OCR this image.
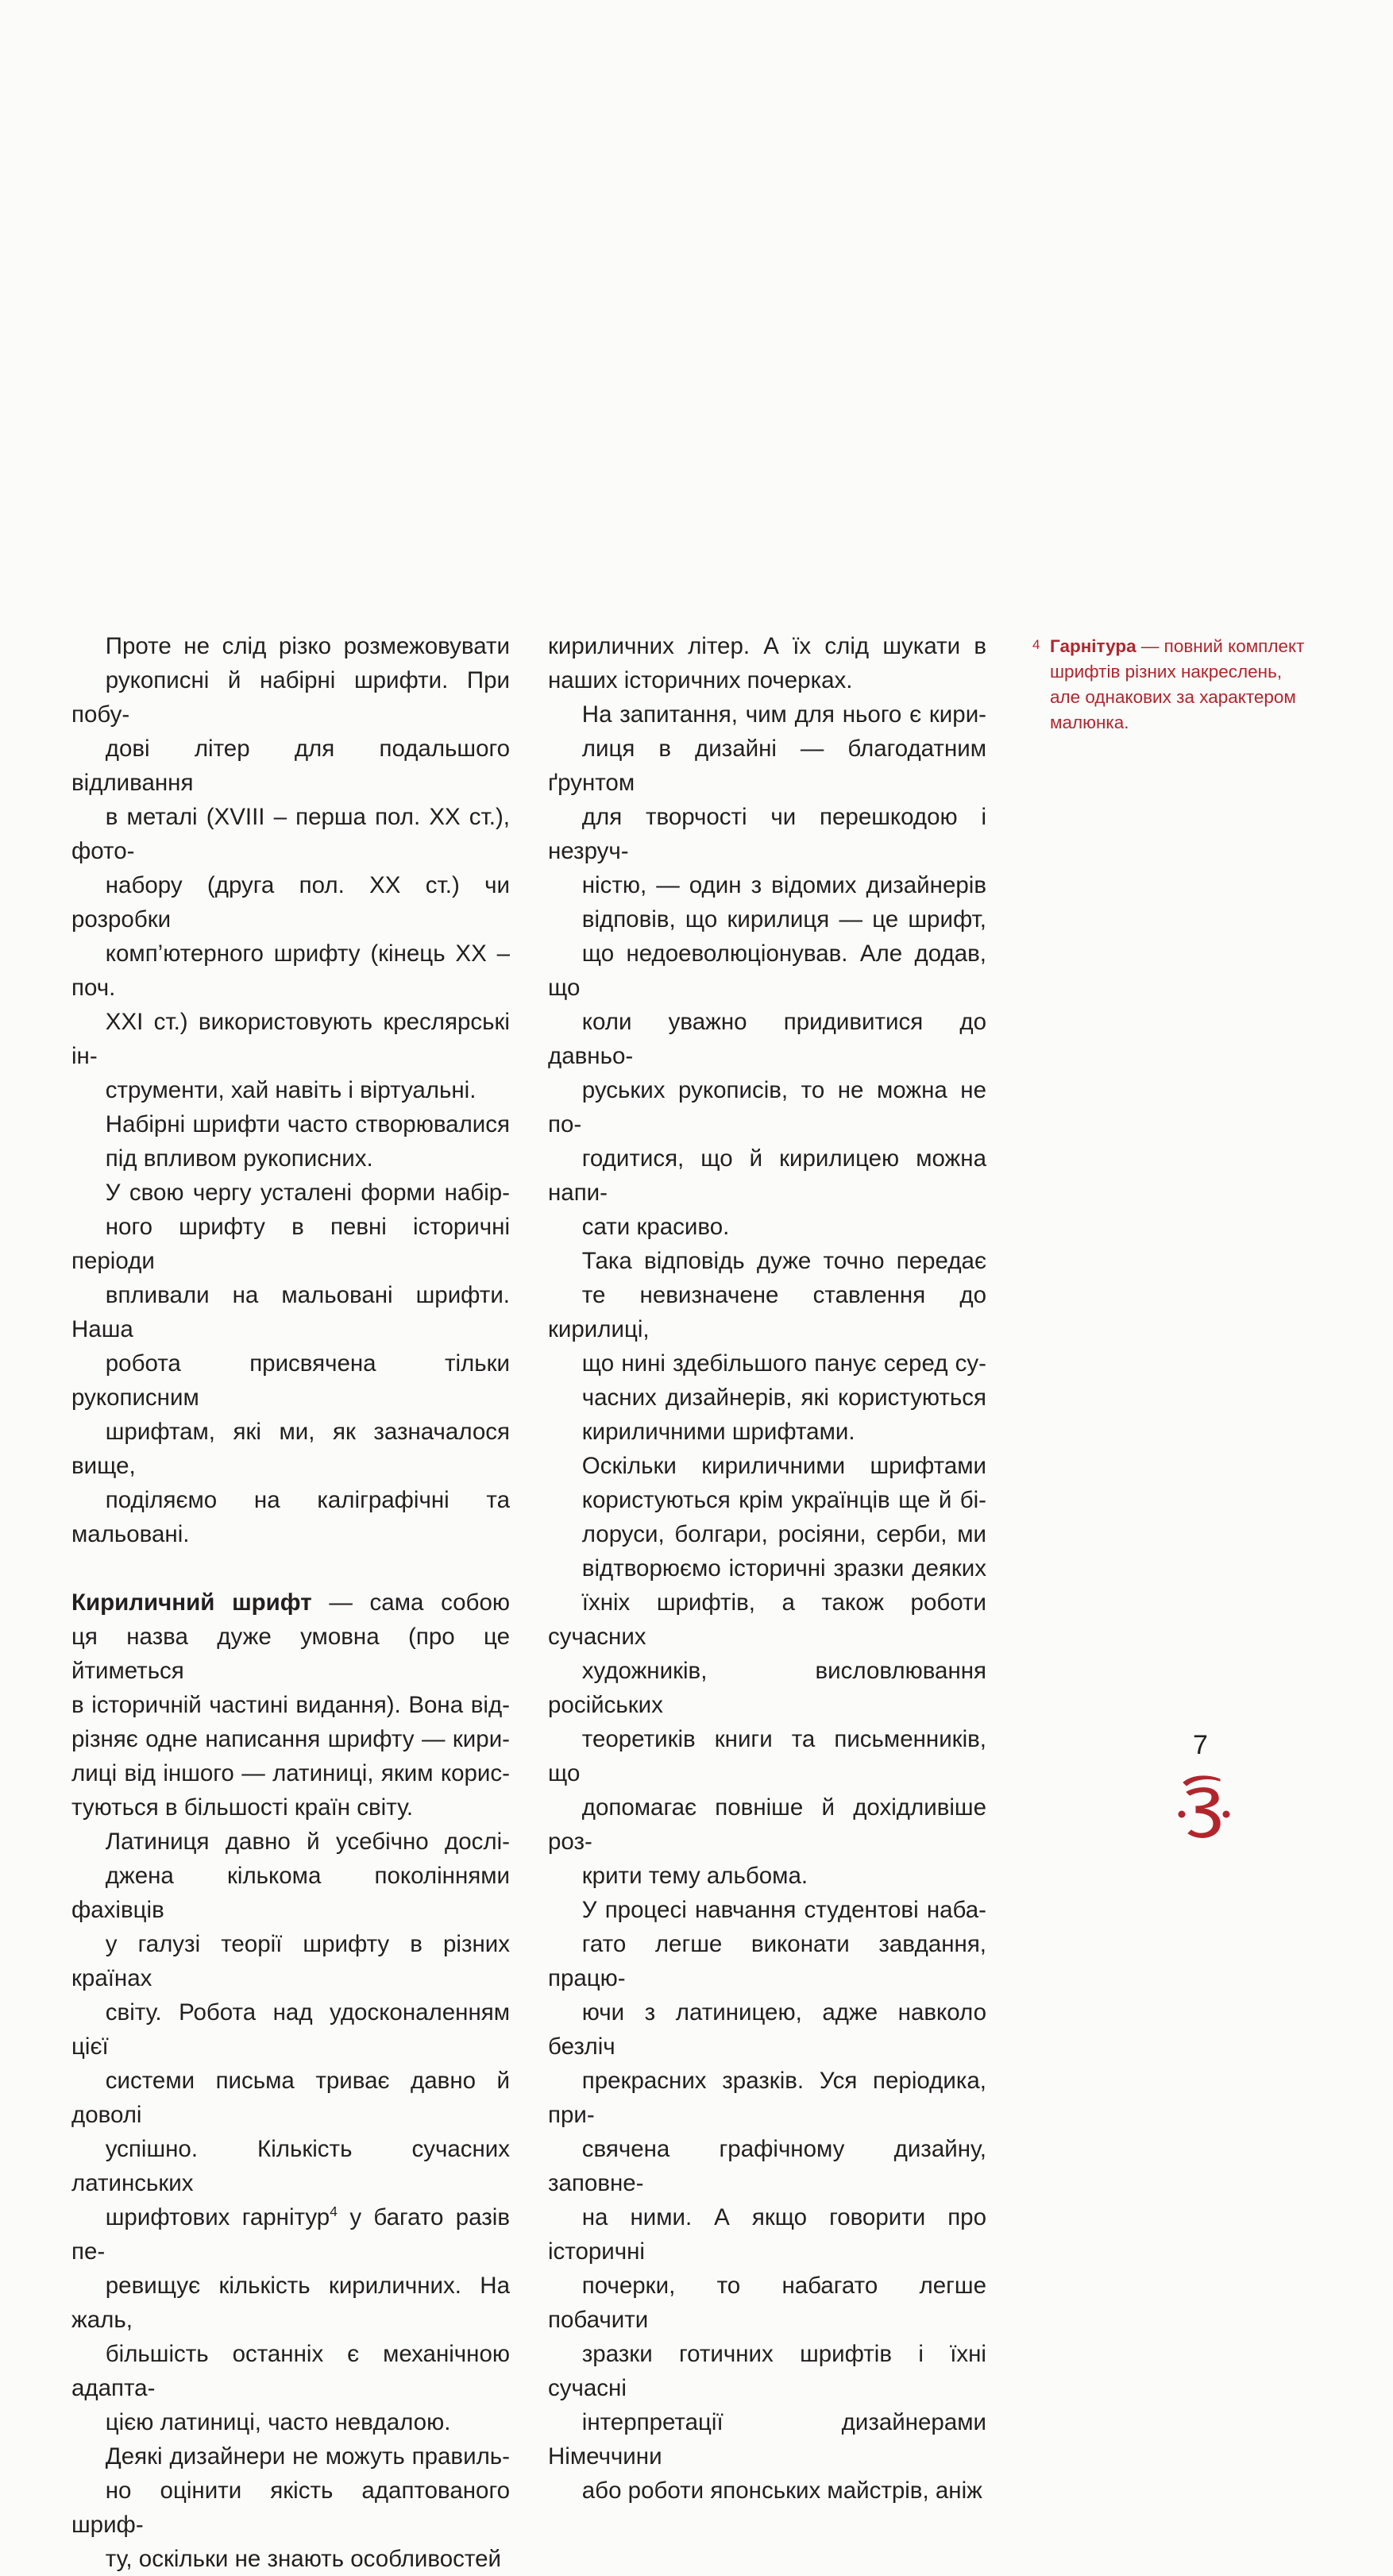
Проте не слід різко розмежовувати
рукописні й набірні шрифти. При побу-
дові літер для подальшого відливання
в металі (XVIII – перша пол. XX ст.), фото-
набору (друга пол. XX ст.) чи розробки
комп’ютерного шрифту (кінець XX – поч.
XXI ст.) використовують креслярські ін-
струменти, хай навіть і віртуальні.

Набірні шрифти часто створювалися
під впливом рукописних.

У свою чергу усталені форми набір-
ного шрифту в певні історичні періоди
впливали на мальовані шрифти. Наша
робота присвячена тільки рукописним
шрифтам, які ми, як зазначалося вище,
поділяємо на каліграфічні та мальовані.

Кириличний шрифт — сама собою
ця назва дуже умовна (про це йтиметься
в історичній частині видання). Вона від-
різняє одне написання шрифту — кири-
лиці від іншого — латиниці, яким корис-
туються в більшості країн світу.

Латиниця давно й усебічно дослі-
джена кількома поколіннями фахівців
у галузі теорії шрифту в різних країнах
світу. Робота над удосконаленням цієї
системи письма триває давно й доволі
успішно. Кількість сучасних латинських
шрифтових гарнітур$^4$ у багато разів пе-
ревищує кількість кириличних. На жаль,
більшість останніх є механічною адапта-
цією латиниці, часто невдалою.

Деякі дизайнери не можуть правиль-
но оцінити якість адаптованого шриф-
ту, оскільки не знають особливостей

кириличних літер. А їх слід шукати в
наших історичних почерках.

На запитання, чим для нього є кири-
лиця в дизайні — благодатним ґрунтом
для творчості чи перешкодою і незруч-
ністю, — один з відомих дизайнерів
відповів, що кирилиця — це шрифт,
що недоеволюціонував. Але додав, що
коли уважно придивитися до давньо-
руських рукописів, то не можна не по-
годитися, що й кирилицею можна напи-
сати красиво.

Така відповідь дуже точно передає
те невизначене ставлення до кирилиці,
що нині здебільшого панує серед су-
часних дизайнерів, які користуються
кириличними шрифтами.

Оскільки кириличними шрифтами
користуються крім українців ще й бі-
лоруси, болгари, росіяни, серби, ми
відтворюємо історичні зразки деяких
їхніх шрифтів, а також роботи сучасних
художників, висловлювання російських
теоретиків книги та письменників, що
допомагає повніше й дохідливіше роз-
крити тему альбома.

У процесі навчання студентові наба-
гато легше виконати завдання, працю-
ючи з латиницею, адже навколо безліч
прекрасних зразків. Уся періодика, при-
свячена графічному дизайну, заповне-
на ними. А якщо говорити про історичні
почерки, то набагато легше побачити
зразки готичних шрифтів і їхні сучасні
інтерпретації дизайнерами Німеччини
або роботи японських майстрів, аніж

4 Гарнітура — повний комплект
шрифтів різних накреслень,
але однакових за характером
малюнка.
7
